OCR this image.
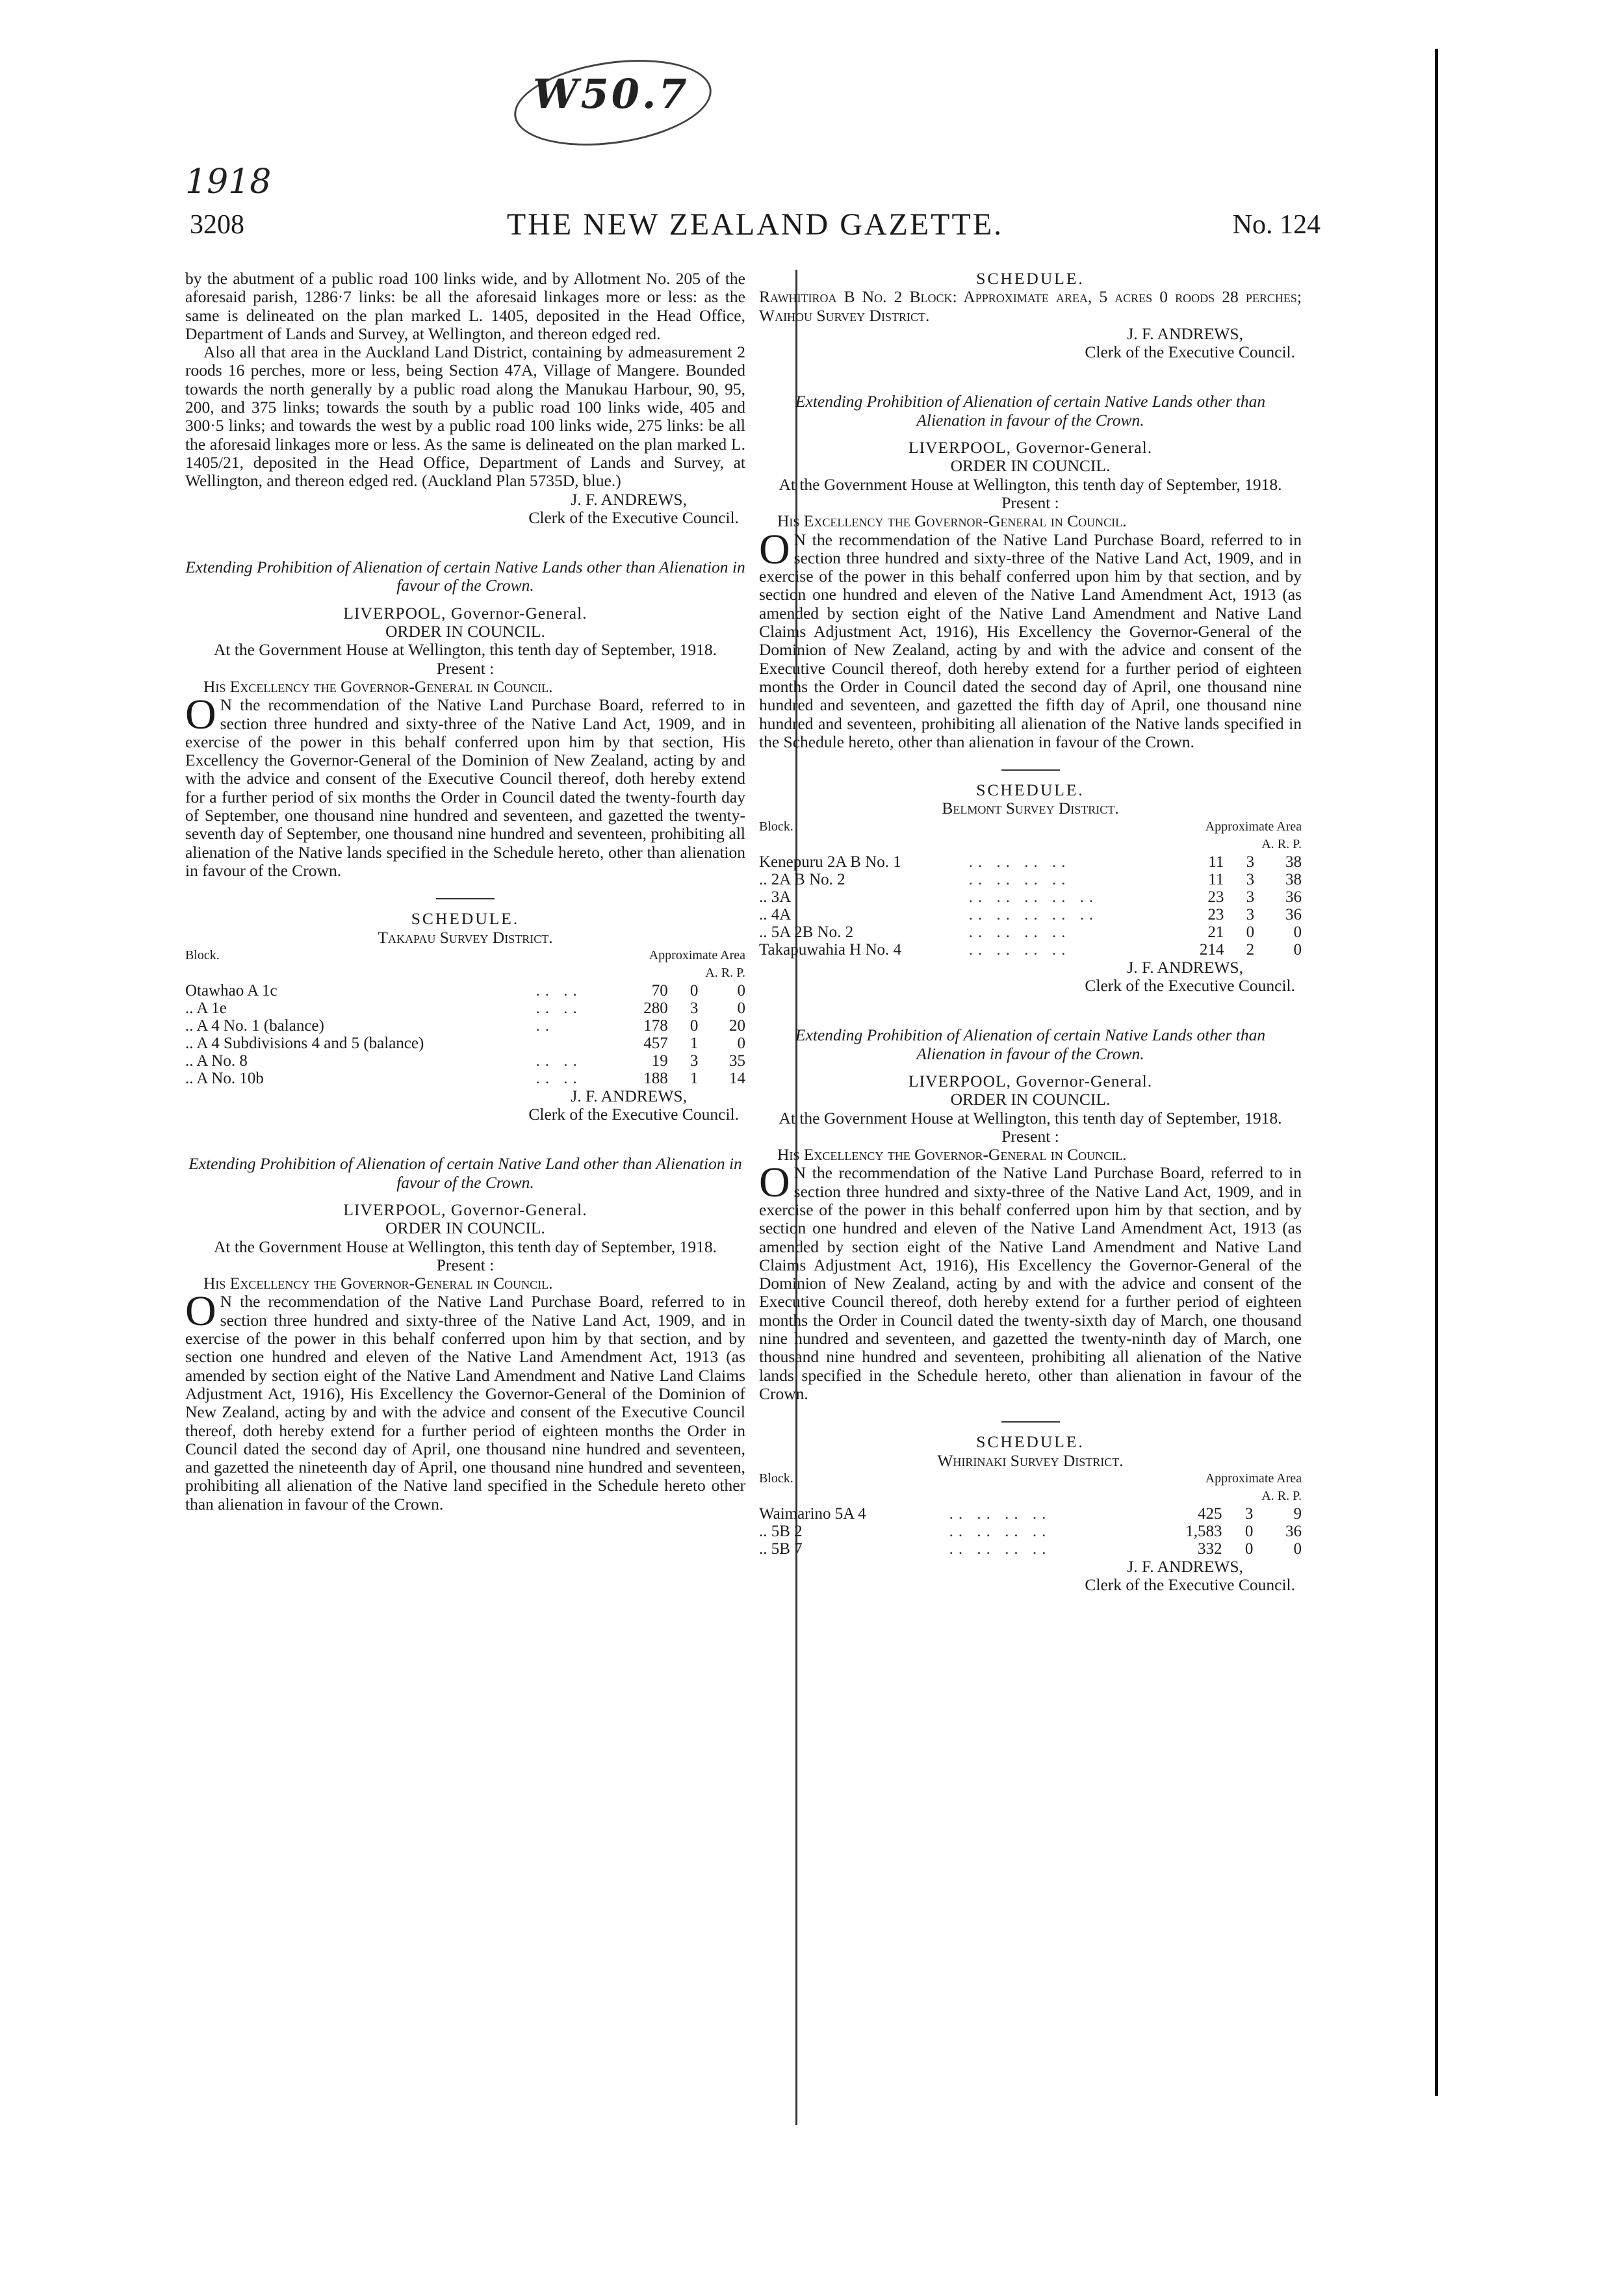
W50.7
1918
3208	THE NEW ZEALAND GAZETTE.	No. 124

by the abutment of a public road 100 links wide, and by Allotment No. 205 of the aforesaid parish, 1286·7 links: be all the aforesaid linkages more or less: as the same is delineated on the plan marked L. 1405, deposited in the Head Office, Department of Lands and Survey, at Wellington, and thereon edged red.

Also all that area in the Auckland Land District, containing by admeasurement 2 roods 16 perches, more or less, being Section 47A, Village of Mangere. Bounded towards the north generally by a public road along the Manukau Harbour, 90, 95, 200, and 375 links; towards the south by a public road 100 links wide, 405 and 300·5 links; and towards the west by a public road 100 links wide, 275 links: be all the aforesaid linkages more or less. As the same is delineated on the plan marked L. 1405/21, deposited in the Head Office, Department of Lands and Survey, at Wellington, and thereon edged red. (Auckland Plan 5735D, blue.)

J. F. ANDREWS,

Clerk of the Executive Council.

Extending Prohibition of Alienation of certain Native Lands other than Alienation in favour of the Crown.

LIVERPOOL, Governor-General.

ORDER IN COUNCIL.

At the Government House at Wellington, this tenth day of September, 1918.

Present :

His Excellency the Governor-General in Council.

O N the recommendation of the Native Land Purchase Board, referred to in section three hundred and sixty-three of the Native Land Act, 1909, and in exercise of the power in this behalf conferred upon him by that section, His Excellency the Governor-General of the Dominion of New Zealand, acting by and with the advice and consent of the Executive Council thereof, doth hereby extend for a further period of six months the Order in Council dated the twenty-fourth day of September, one thousand nine hundred and seventeen, and gazetted the twenty-seventh day of September, one thousand nine hundred and seventeen, prohibiting all alienation of the Native lands specified in the Schedule hereto, other than alienation in favour of the Crown.

SCHEDULE.

Takapau Survey District.

Block.		Approximate Area		
		A. R. P.		
Otawhao A 1c	.. ..	70	0	0
.. A 1e	.. ..	280	3	0
.. A 4 No. 1 (balance)	..	178	0	20
.. A 4 Subdivisions 4 and 5 (balance)		457	1	0
.. A No. 8	.. ..	19	3	35
.. A No. 10b	.. ..	188	1	14

J. F. ANDREWS,

Clerk of the Executive Council.

Extending Prohibition of Alienation of certain Native Land other than Alienation in favour of the Crown.

LIVERPOOL, Governor-General.

ORDER IN COUNCIL.

At the Government House at Wellington, this tenth day of September, 1918.

Present :

His Excellency the Governor-General in Council.

O N the recommendation of the Native Land Purchase Board, referred to in section three hundred and sixty-three of the Native Land Act, 1909, and in exercise of the power in this behalf conferred upon him by that section, and by section one hundred and eleven of the Native Land Amendment Act, 1913 (as amended by section eight of the Native Land Amendment and Native Land Claims Adjustment Act, 1916), His Excellency the Governor-General of the Dominion of New Zealand, acting by and with the advice and consent of the Executive Council thereof, doth hereby extend for a further period of eighteen months the Order in Council dated the second day of April, one thousand nine hundred and seventeen, and gazetted the nineteenth day of April, one thousand nine hundred and seventeen, prohibiting all alienation of the Native land specified in the Schedule hereto other than alienation in favour of the Crown.

SCHEDULE.

Rawhitiroa B No. 2 Block: Approximate area, 5 acres 0 roods 28 perches; Waihou Survey District.

J. F. ANDREWS,

Clerk of the Executive Council.

Extending Prohibition of Alienation of certain Native Lands other than Alienation in favour of the Crown.

LIVERPOOL, Governor-General.

ORDER IN COUNCIL.

At the Government House at Wellington, this tenth day of September, 1918.

Present :

His Excellency the Governor-General in Council.

O N the recommendation of the Native Land Purchase Board, referred to in section three hundred and sixty-three of the Native Land Act, 1909, and in exercise of the power in this behalf conferred upon him by that section, and by section one hundred and eleven of the Native Land Amendment Act, 1913 (as amended by section eight of the Native Land Amendment and Native Land Claims Adjustment Act, 1916), His Excellency the Governor-General of the Dominion of New Zealand, acting by and with the advice and consent of the Executive Council thereof, doth hereby extend for a further period of eighteen months the Order in Council dated the second day of April, one thousand nine hundred and seventeen, and gazetted the fifth day of April, one thousand nine hundred and seventeen, prohibiting all alienation of the Native lands specified in the Schedule hereto, other than alienation in favour of the Crown.

SCHEDULE.

Belmont Survey District.

Block.		Approximate Area		
		A. R. P.		
Kenepuru 2A B No. 1	.. .. .. ..	11	3	38
.. 2A B No. 2	.. .. .. ..	11	3	38
.. 3A	.. .. .. .. ..	23	3	36
.. 4A	.. .. .. .. ..	23	3	36
.. 5A 2B No. 2	.. .. .. ..	21	0	0
Takapuwahia H No. 4	.. .. .. ..	214	2	0

J. F. ANDREWS,

Clerk of the Executive Council.

Extending Prohibition of Alienation of certain Native Lands other than Alienation in favour of the Crown.

LIVERPOOL, Governor-General.

ORDER IN COUNCIL.

At the Government House at Wellington, this tenth day of September, 1918.

Present :

His Excellency the Governor-General in Council.

O N the recommendation of the Native Land Purchase Board, referred to in section three hundred and sixty-three of the Native Land Act, 1909, and in exercise of the power in this behalf conferred upon him by that section, and by section one hundred and eleven of the Native Land Amendment Act, 1913 (as amended by section eight of the Native Land Amendment and Native Land Claims Adjustment Act, 1916), His Excellency the Governor-General of the Dominion of New Zealand, acting by and with the advice and consent of the Executive Council thereof, doth hereby extend for a further period of eighteen months the Order in Council dated the twenty-sixth day of March, one thousand nine hundred and seventeen, and gazetted the twenty-ninth day of March, one thousand nine hundred and seventeen, prohibiting all alienation of the Native lands specified in the Schedule hereto, other than alienation in favour of the Crown.

SCHEDULE.

Whirinaki Survey District.

Block.		Approximate Area		
		A. R. P.		
Waimarino 5A 4	.. .. .. ..	425	3	9
.. 5B 2	.. .. .. ..	1,583	0	36
.. 5B 7	.. .. .. ..	332	0	0

J. F. ANDREWS,

Clerk of the Executive Council.
